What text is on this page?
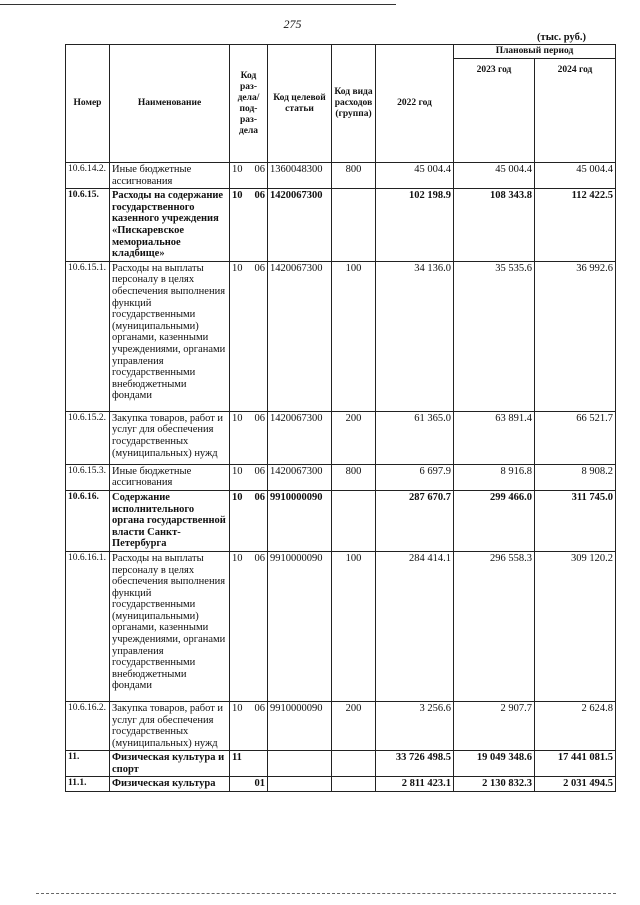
275
(тыс. руб.)
Номер	Наименование	Код раз-дела/ под-раз-дела	Код целевой статьи	Код вида расходов (группа)	2022 год	Плановый период	
						2023 год	2024 год
10.6.14.2.	Иные бюджетные ассигнования	10 06	1360048300	800	45 004.4	45 004.4	45 004.4
10.6.15.	Расходы на содержание государственного казенного учреждения «Пискаревское мемориальное кладбище»	10 06	1420067300		102 198.9	108 343.8	112 422.5
10.6.15.1.	Расходы на выплаты персоналу в целях обеспечения выполнения функций государственными (муниципальными) органами, казенными учреждениями, органами управления государственными внебюджетными фондами	10 06	1420067300	100	34 136.0	35 535.6	36 992.6
10.6.15.2.	Закупка товаров, работ и услуг для обеспечения государственных (муниципальных) нужд	10 06	1420067300	200	61 365.0	63 891.4	66 521.7
10.6.15.3.	Иные бюджетные ассигнования	10 06	1420067300	800	6 697.9	8 916.8	8 908.2
10.6.16.	Содержание исполнительного органа государственной власти Санкт-Петербурга	10 06	9910000090		287 670.7	299 466.0	311 745.0
10.6.16.1.	Расходы на выплаты персоналу в целях обеспечения выполнения функций государственными (муниципальными) органами, казенными учреждениями, органами управления государственными внебюджетными фондами	10 06	9910000090	100	284 414.1	296 558.3	309 120.2
10.6.16.2.	Закупка товаров, работ и услуг для обеспечения государственных (муниципальных) нужд	10 06	9910000090	200	3 256.6	2 907.7	2 624.8
11.	Физическая культура и спорт	11			33 726 498.5	19 049 348.6	17 441 081.5
11.1.	Физическая культура	01			2 811 423.1	2 130 832.3	2 031 494.5
